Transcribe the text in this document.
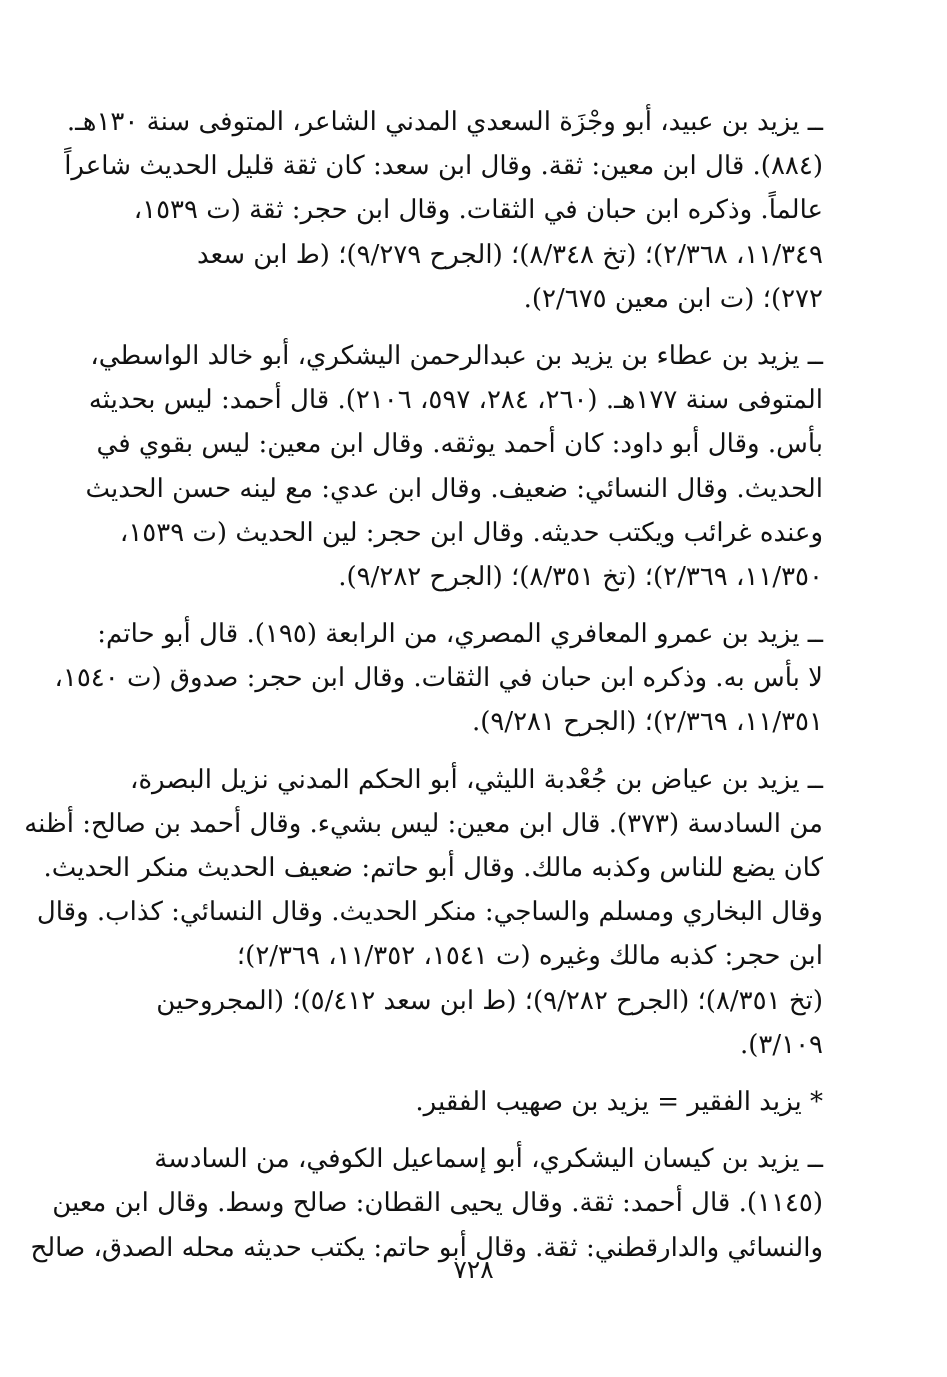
ــ يزيد بن عبيد، أبو وجْزَة السعدي المدني الشاعر، المتوفى سنة ١٣٠هـ.
(٨٨٤). قال ابن معين: ثقة. وقال ابن سعد: كان ثقة قليل الحديث شاعراً
عالماً. وذكره ابن حبان في الثقات. وقال ابن حجر: ثقة (ت ١٥٣٩،
١١/٣٤٩، ٢/٣٦٨)؛ (تخ ٨/٣٤٨)؛ (الجرح ٩/٢٧٩)؛ (ط ابن سعد
٢٧٢)؛ (ت ابن معين ٢/٦٧٥).
ــ يزيد بن عطاء بن يزيد بن عبدالرحمن اليشكري، أبو خالد الواسطي،
المتوفى سنة ١٧٧هـ. (٢٦٠، ٢٨٤، ٥٩٧، ٢١٠٦). قال أحمد: ليس بحديثه
بأس. وقال أبو داود: كان أحمد يوثقه. وقال ابن معين: ليس بقوي في
الحديث. وقال النسائي: ضعيف. وقال ابن عدي: مع لينه حسن الحديث
وعنده غرائب ويكتب حديثه. وقال ابن حجر: لين الحديث (ت ١٥٣٩،
١١/٣٥٠، ٢/٣٦٩)؛ (تخ ٨/٣٥١)؛ (الجرح ٩/٢٨٢).
ــ يزيد بن عمرو المعافري المصري، من الرابعة (١٩٥). قال أبو حاتم:
لا بأس به. وذكره ابن حبان في الثقات. وقال ابن حجر: صدوق (ت ١٥٤٠،
١١/٣٥١، ٢/٣٦٩)؛ (الجرح ٩/٢٨١).
ــ يزيد بن عياض بن جُعْدبة الليثي، أبو الحكم المدني نزيل البصرة،
من السادسة (٣٧٣). قال ابن معين: ليس بشيء. وقال أحمد بن صالح: أظنه
كان يضع للناس وكذبه مالك. وقال أبو حاتم: ضعيف الحديث منكر الحديث.
وقال البخاري ومسلم والساجي: منكر الحديث. وقال النسائي: كذاب. وقال
ابن حجر: كذبه مالك وغيره (ت ١٥٤١، ١١/٣٥٢، ٢/٣٦٩)؛
(تخ ٨/٣٥١)؛ (الجرح ٩/٢٨٢)؛ (ط ابن سعد ٥/٤١٢)؛ (المجروحين
٣/١٠٩).
* يزيد الفقير = يزيد بن صهيب الفقير.
ــ يزيد بن كيسان اليشكري، أبو إسماعيل الكوفي، من السادسة
(١١٤٥). قال أحمد: ثقة. وقال يحيى القطان: صالح وسط. وقال ابن معين
والنسائي والدارقطني: ثقة. وقال أبو حاتم: يكتب حديثه محله الصدق، صالح
٧٢٨
